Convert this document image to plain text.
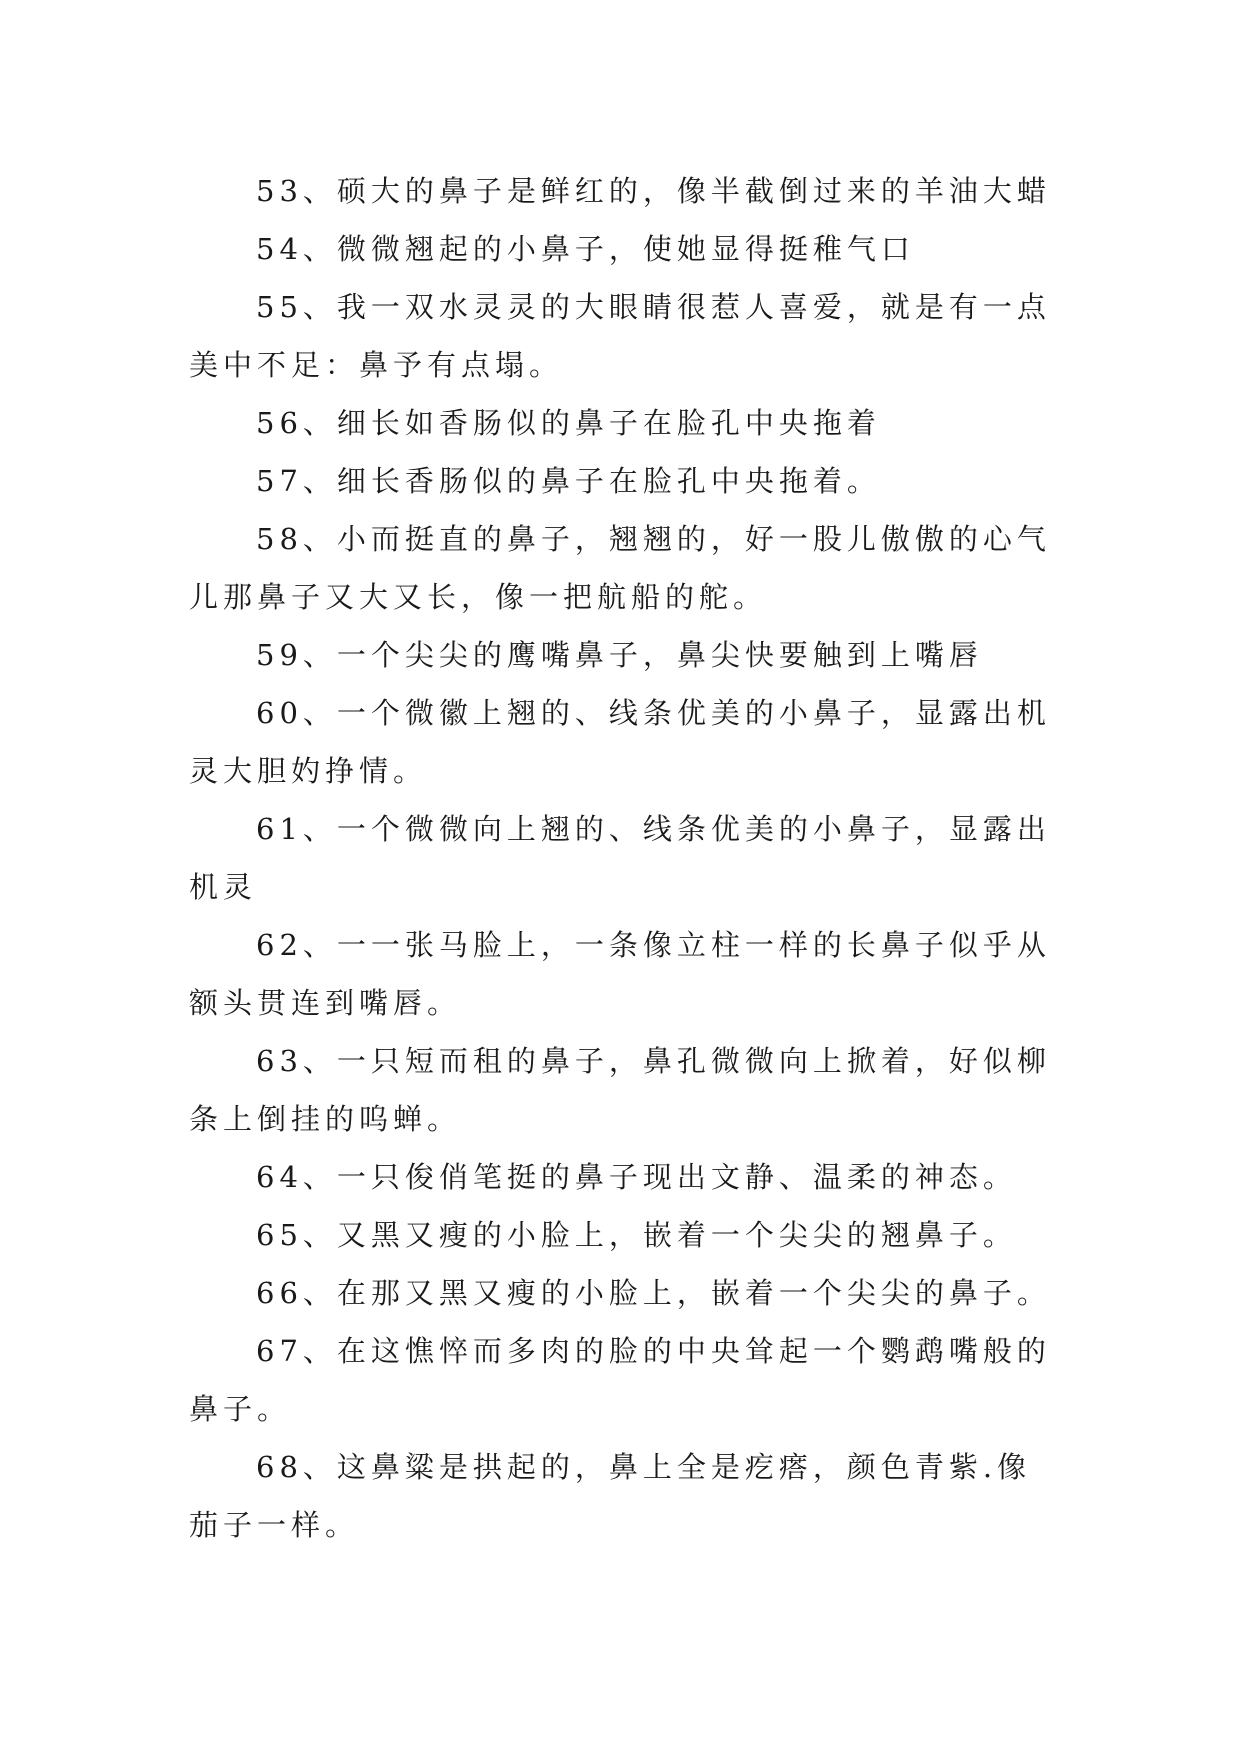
53、硕大的鼻子是鲜红的，像半截倒过来的羊油大蜡

54、微微翘起的小鼻子，使她显得挺稚气口

55、我一双水灵灵的大眼睛很惹人喜爱，就是有一点美中不足：鼻予有点塌。

56、细长如香肠似的鼻子在脸孔中央拖着

57、细长香肠似的鼻子在脸孔中央拖着。

58、小而挺直的鼻子，翘翘的，好一股儿傲傲的心气儿那鼻子又大又长，像一把航船的舵。

59、一个尖尖的鹰嘴鼻子，鼻尖快要触到上嘴唇

60、一个微徽上翘的、线条优美的小鼻子，显露出机灵大胆妁挣情。

61、一个微微向上翘的、线条优美的小鼻子，显露出机灵

62、一一张马脸上，一条像立柱一样的长鼻子似乎从额头贯连到嘴唇。

63、一只短而租的鼻子，鼻孔微微向上掀着，好似柳条上倒挂的呜蝉。

64、一只俊俏笔挺的鼻子现出文静、温柔的神态。

65、又黑又瘦的小脸上，嵌着一个尖尖的翘鼻子。

66、在那又黑又瘦的小脸上，嵌着一个尖尖的鼻子。

67、在这憔悴而多肉的脸的中央耸起一个鹦鹉嘴般的鼻子。

68、这鼻粱是拱起的，鼻上全是疙瘩，颜色青紫.像茄子一样。
